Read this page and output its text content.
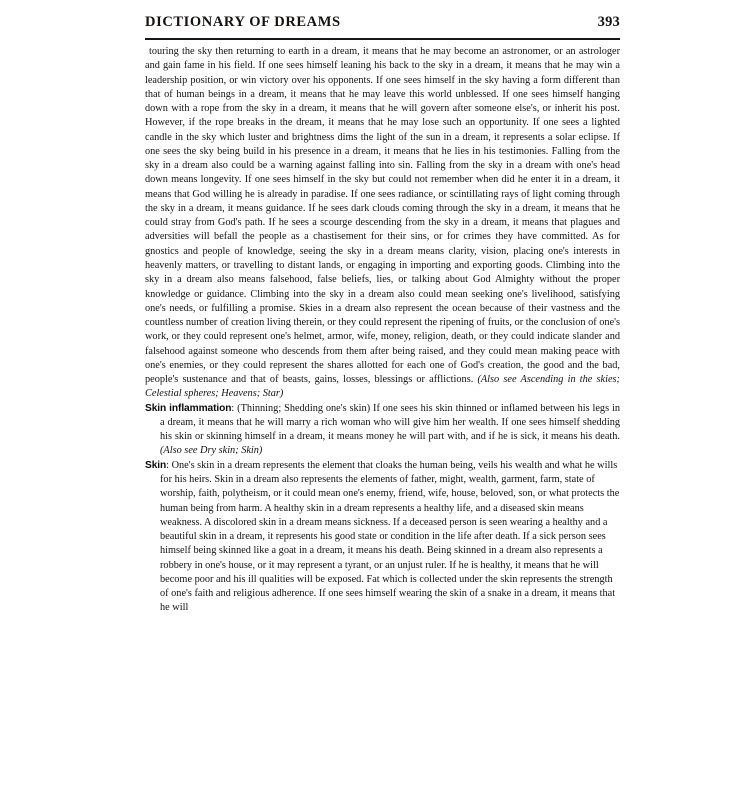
DICTIONARY OF DREAMS	393

touring the sky then returning to earth in a dream, it means that he may become an astronomer, or an astrologer and gain fame in his field. If one sees himself leaning his back to the sky in a dream, it means that he may win a leadership position, or win victory over his opponents. If one sees himself in the sky having a form different than that of human beings in a dream, it means that he may leave this world unblessed. If one sees himself hanging down with a rope from the sky in a dream, it means that he will govern after someone else's, or inherit his post. However, if the rope breaks in the dream, it means that he may lose such an opportunity. If one sees a lighted candle in the sky which luster and brightness dims the light of the sun in a dream, it represents a solar eclipse. If one sees the sky being build in his presence in a dream, it means that he lies in his testimonies. Falling from the sky in a dream also could be a warning against falling into sin. Falling from the sky in a dream with one's head down means longevity. If one sees himself in the sky but could not remember when did he enter it in a dream, it means that God willing he is already in paradise. If one sees radiance, or scintillating rays of light coming through the sky in a dream, it means guidance. If he sees dark clouds coming through the sky in a dream, it means that he could stray from God's path. If he sees a scourge descending from the sky in a dream, it means that plagues and adversities will befall the people as a chastisement for their sins, or for crimes they have committed. As for gnostics and people of knowledge, seeing the sky in a dream means clarity, vision, placing one's interests in heavenly matters, or travelling to distant lands, or engaging in importing and exporting goods. Climbing into the sky in a dream also means falsehood, false beliefs, lies, or talking about God Almighty without the proper knowledge or guidance. Climbing into the sky in a dream also could mean seeking one's livelihood, satisfying one's needs, or fulfilling a promise. Skies in a dream also represent the ocean because of their vastness and the countless number of creation living therein, or they could represent the ripening of fruits, or the conclusion of one's work, or they could represent one's helmet, armor, wife, money, religion, death, or they could indicate slander and falsehood against someone who descends from them after being raised, and they could mean making peace with one's enemies, or they could represent the shares allotted for each one of God's creation, the good and the bad, people's sustenance and that of beasts, gains, losses, blessings or afflictions. (Also see Ascending in the skies; Celestial spheres; Heavens; Star)

Skin inflammation: (Thinning; Shedding one's skin) If one sees his skin thinned or inflamed between his legs in a dream, it means that he will marry a rich woman who will give him her wealth. If one sees himself shedding his skin or skinning himself in a dream, it means money he will part with, and if he is sick, it means his death. (Also see Dry skin; Skin)

Skin: One's skin in a dream represents the element that cloaks the human being, veils his wealth and what he wills for his heirs. Skin in a dream also represents the elements of father, might, wealth, garment, farm, state of worship, faith, polytheism, or it could mean one's enemy, friend, wife, house, beloved, son, or what protects the human being from harm. A healthy skin in a dream represents a healthy life, and a diseased skin means weakness. A discolored skin in a dream means sickness. If a deceased person is seen wearing a healthy and a beautiful skin in a dream, it represents his good state or condition in the life after death. If a sick person sees himself being skinned like a goat in a dream, it means his death. Being skinned in a dream also represents a robbery in one's house, or it may represent a tyrant, or an unjust ruler. If he is healthy, it means that he will become poor and his ill qualities will be exposed. Fat which is collected under the skin represents the strength of one's faith and religious adherence. If one sees himself wearing the skin of a snake in a dream, it means that he will
